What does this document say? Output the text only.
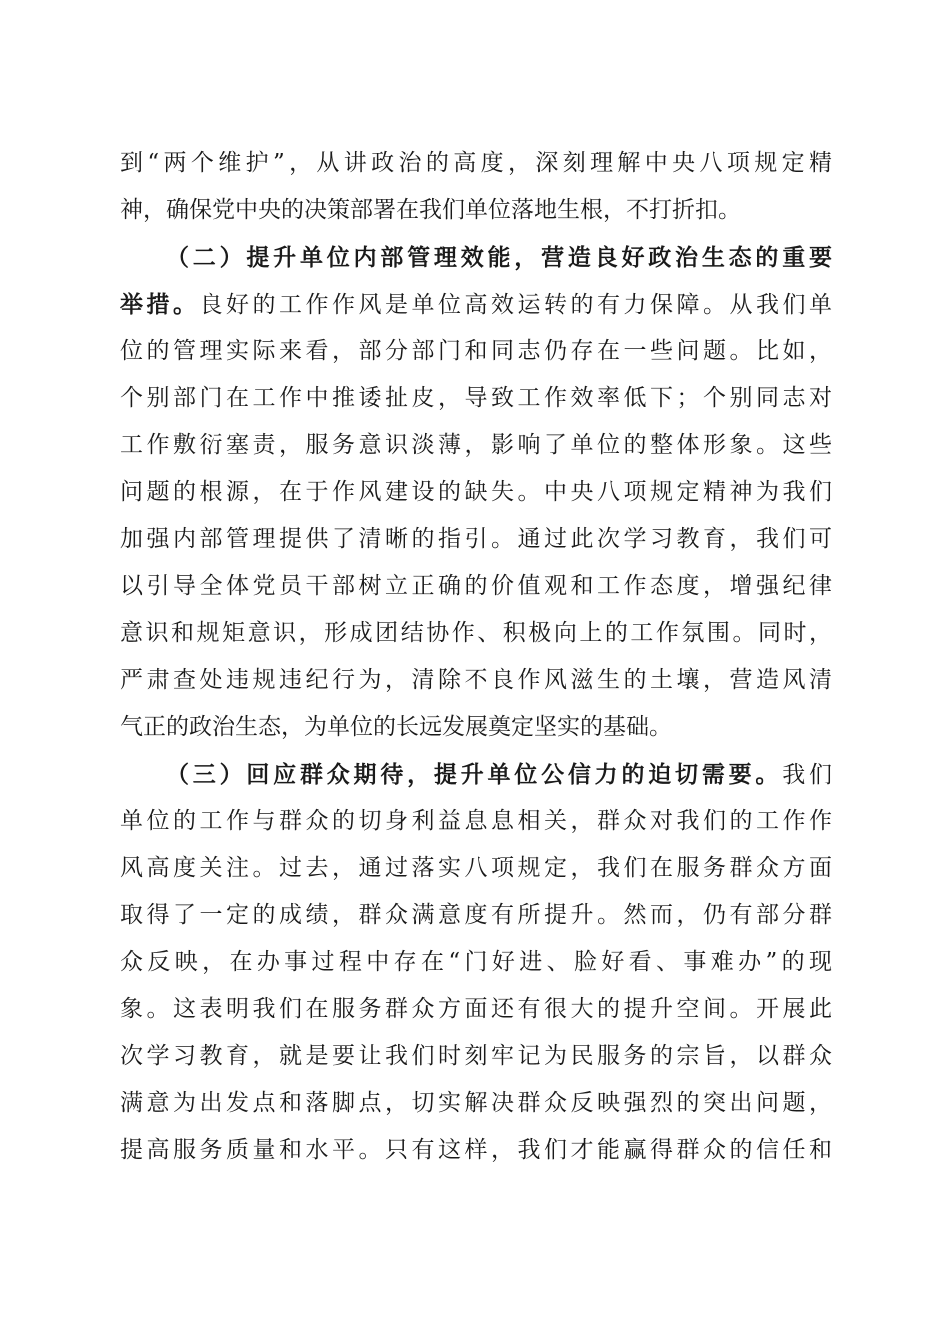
到“两个维护”，从讲政治的高度，深刻理解中央八项规定精
神，确保党中央的决策部署在我们单位落地生根，不打折扣。
（二）提升单位内部管理效能，营造良好政治生态的重要
举措。良好的工作作风是单位高效运转的有力保障。从我们单
位的管理实际来看，部分部门和同志仍存在一些问题。比如，
个别部门在工作中推诿扯皮，导致工作效率低下；个别同志对
工作敷衍塞责，服务意识淡薄，影响了单位的整体形象。这些
问题的根源，在于作风建设的缺失。中央八项规定精神为我们
加强内部管理提供了清晰的指引。通过此次学习教育，我们可
以引导全体党员干部树立正确的价值观和工作态度，增强纪律
意识和规矩意识，形成团结协作、积极向上的工作氛围。同时，
严肃查处违规违纪行为，清除不良作风滋生的土壤，营造风清
气正的政治生态，为单位的长远发展奠定坚实的基础。
（三）回应群众期待，提升单位公信力的迫切需要。我们
单位的工作与群众的切身利益息息相关，群众对我们的工作作
风高度关注。过去，通过落实八项规定，我们在服务群众方面
取得了一定的成绩，群众满意度有所提升。然而，仍有部分群
众反映，在办事过程中存在“门好进、脸好看、事难办”的现
象。这表明我们在服务群众方面还有很大的提升空间。开展此
次学习教育，就是要让我们时刻牢记为民服务的宗旨，以群众
满意为出发点和落脚点，切实解决群众反映强烈的突出问题，
提高服务质量和水平。只有这样，我们才能赢得群众的信任和
